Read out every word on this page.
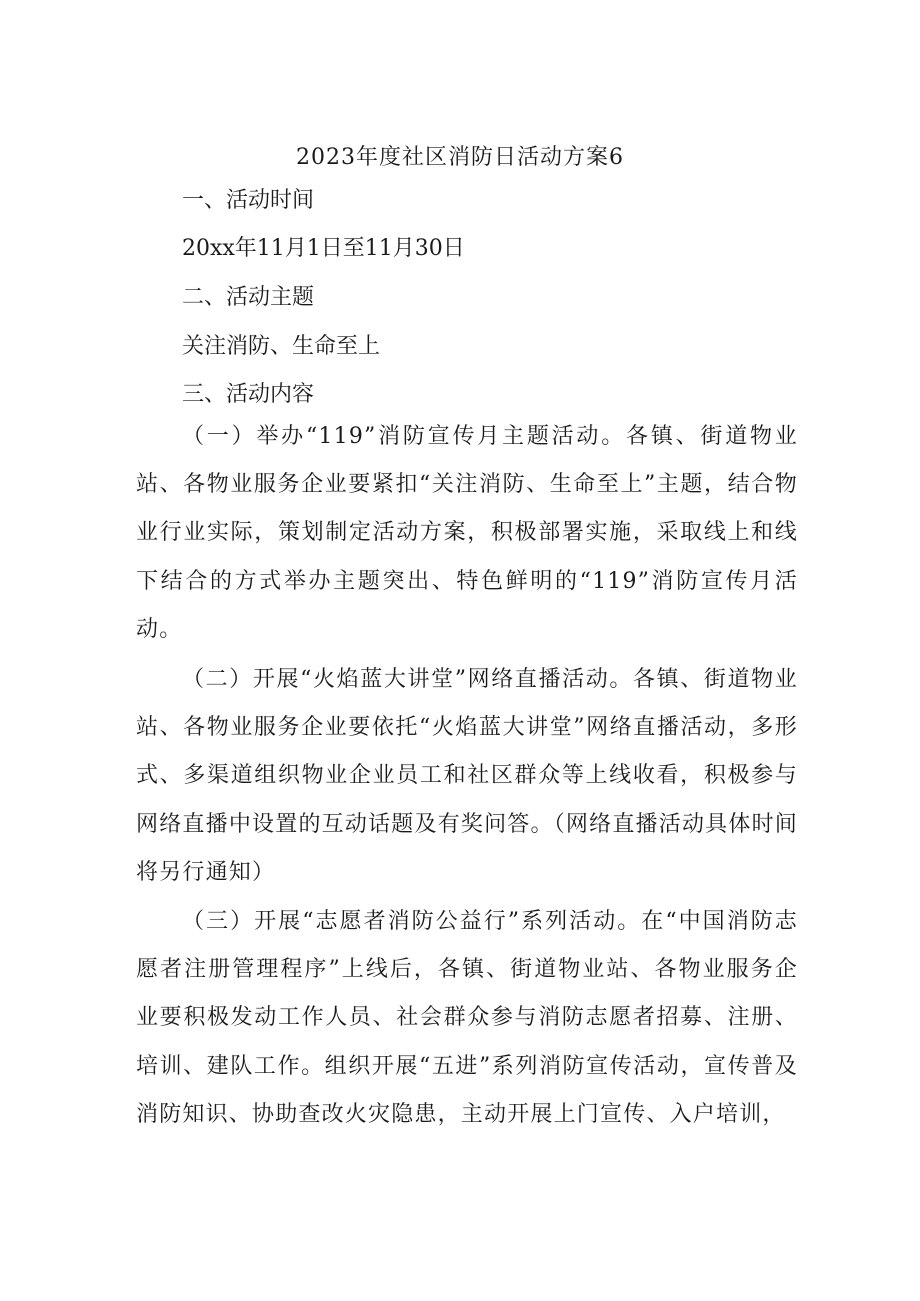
2023年度社区消防日活动方案6
一、活动时间
20xx年11月1日至11月30日
二、活动主题
关注消防、生命至上
三、活动内容

（一）举办“119”消防宣传月主题活动。各镇、街道物业站、各物业服务企业要紧扣“关注消防、生命至上”主题，结合物业行业实际，策划制定活动方案，积极部署实施，采取线上和线下结合的方式举办主题突出、特色鲜明的“119”消防宣传月活动。

（二）开展“火焰蓝大讲堂”网络直播活动。各镇、街道物业站、各物业服务企业要依托“火焰蓝大讲堂”网络直播活动，多形式、多渠道组织物业企业员工和社区群众等上线收看，积极参与网络直播中设置的互动话题及有奖问答。（网络直播活动具体时间将另行通知）

（三）开展“志愿者消防公益行”系列活动。在“中国消防志愿者注册管理程序”上线后，各镇、街道物业站、各物业服务企业要积极发动工作人员、社会群众参与消防志愿者招募、注册、培训、建队工作。组织开展“五进”系列消防宣传活动，宣传普及消防知识、协助查改火灾隐患，主动开展上门宣传、入户培训，
